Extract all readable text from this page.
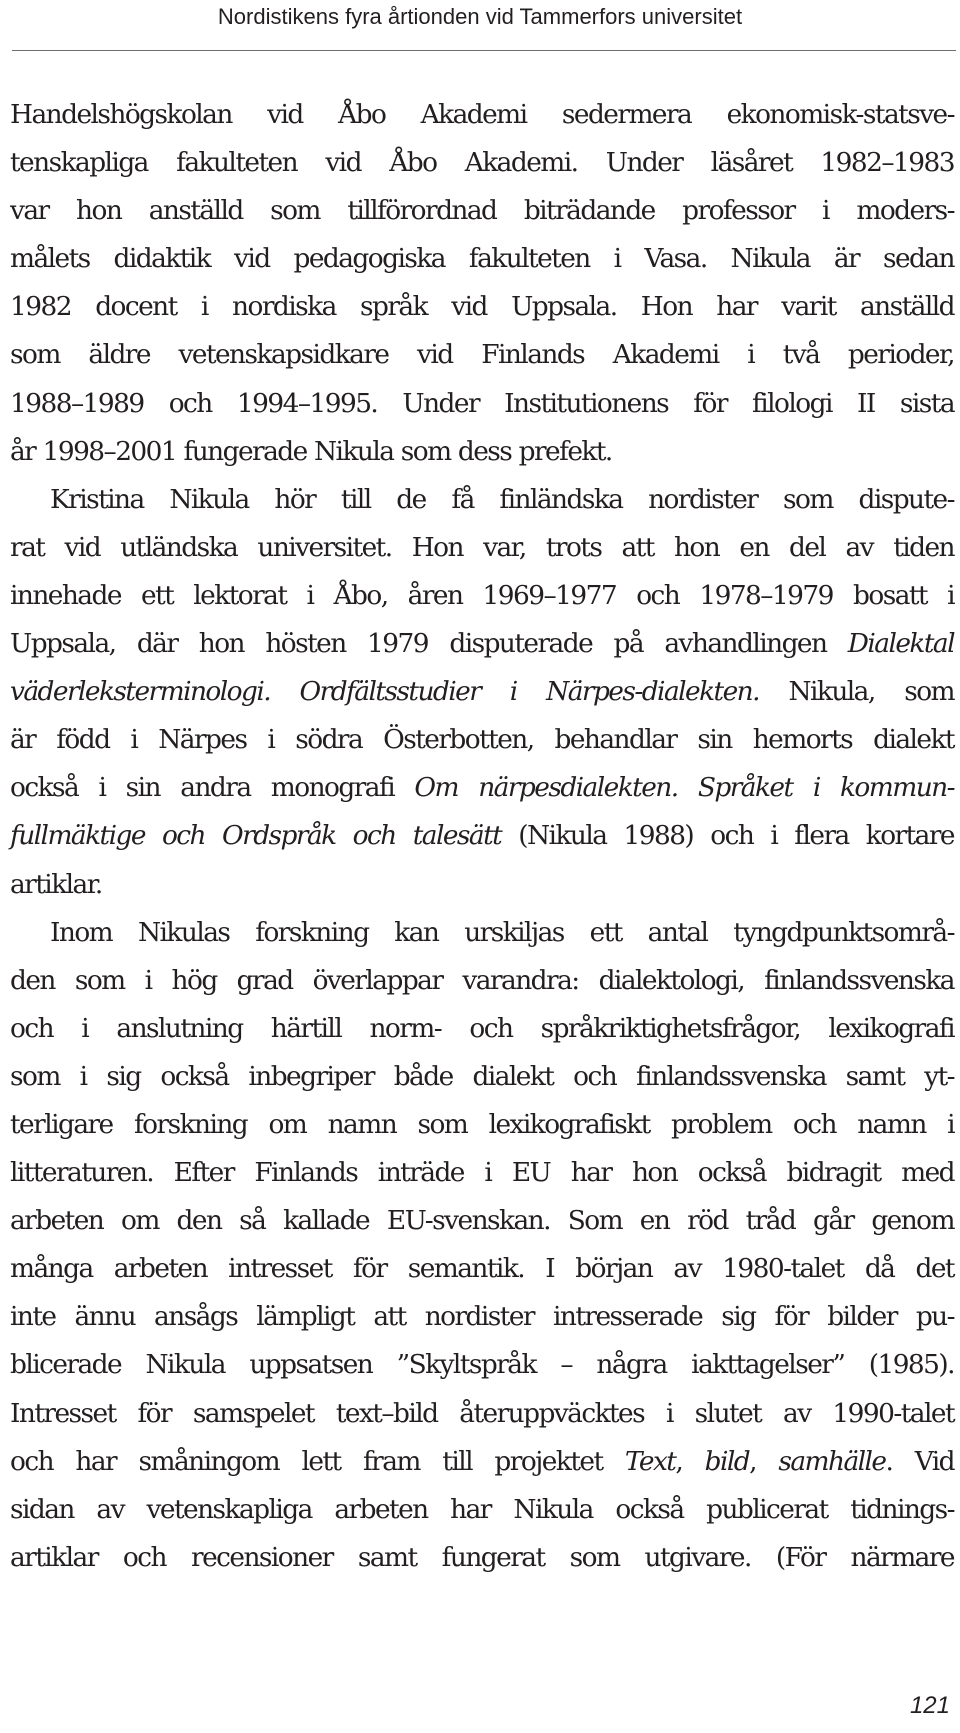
Nordistikens fyra årtionden vid Tammerfors universitet
Handelshögskolan vid Åbo Akademi sedermera ekonomisk-statsve-
tenskapliga fakulteten vid Åbo Akademi. Under läsåret 1982–1983
var hon anställd som tillförordnad biträdande professor i moders-
målets didaktik vid pedagogiska fakulteten i Vasa. Nikula är sedan
1982 docent i nordiska språk vid Uppsala. Hon har varit anställd
som äldre vetenskapsidkare vid Finlands Akademi i två perioder,
1988–1989 och 1994–1995. Under Institutionens för filologi II sista
år 1998–2001 fungerade Nikula som dess prefekt.
Kristina Nikula hör till de få finländska nordister som dispute-
rat vid utländska universitet. Hon var, trots att hon en del av tiden
innehade ett lektorat i Åbo, åren 1969–1977 och 1978–1979 bosatt i
Uppsala, där hon hösten 1979 disputerade på avhandlingen Dialektal
väderleksterminologi. Ordfältsstudier i Närpes-dialekten. Nikula, som
är född i Närpes i södra Österbotten, behandlar sin hemorts dialekt
också i sin andra monografi Om närpesdialekten. Språket i kommun-
fullmäktige och Ordspråk och talesätt (Nikula 1988) och i flera kortare
artiklar.
Inom Nikulas forskning kan urskiljas ett antal tyngdpunktsområ-
den som i hög grad överlappar varandra: dialektologi, finlandssvenska
och i anslutning härtill norm- och språkriktighetsfrågor, lexikografi
som i sig också inbegriper både dialekt och finlandssvenska samt yt-
terligare forskning om namn som lexikografiskt problem och namn i
litteraturen. Efter Finlands inträde i EU har hon också bidragit med
arbeten om den så kallade EU-svenskan. Som en röd tråd går genom
många arbeten intresset för semantik. I början av 1980-talet då det
inte ännu ansågs lämpligt att nordister intresserade sig för bilder pu-
blicerade Nikula uppsatsen ”Skyltspråk – några iakttagelser” (1985).
Intresset för samspelet text–bild återuppväcktes i slutet av 1990-talet
och har småningom lett fram till projektet Text, bild, samhälle. Vid
sidan av vetenskapliga arbeten har Nikula också publicerat tidnings-
artiklar och recensioner samt fungerat som utgivare. (För närmare
121
